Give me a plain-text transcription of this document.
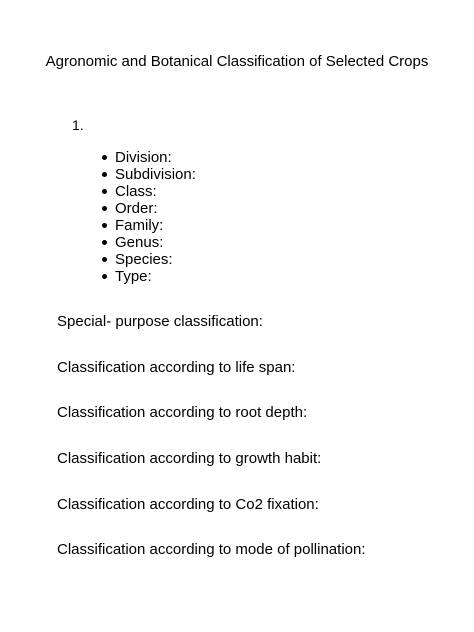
Agronomic and Botanical Classification of Selected Crops
1.
Division:
Subdivision:
Class:
Order:
Family:
Genus:
Species:
Type:

Special- purpose classification:

Classification according to life span:

Classification according to root depth:

Classification according to growth habit:

Classification according to Co2 fixation:

Classification according to mode of pollination:
